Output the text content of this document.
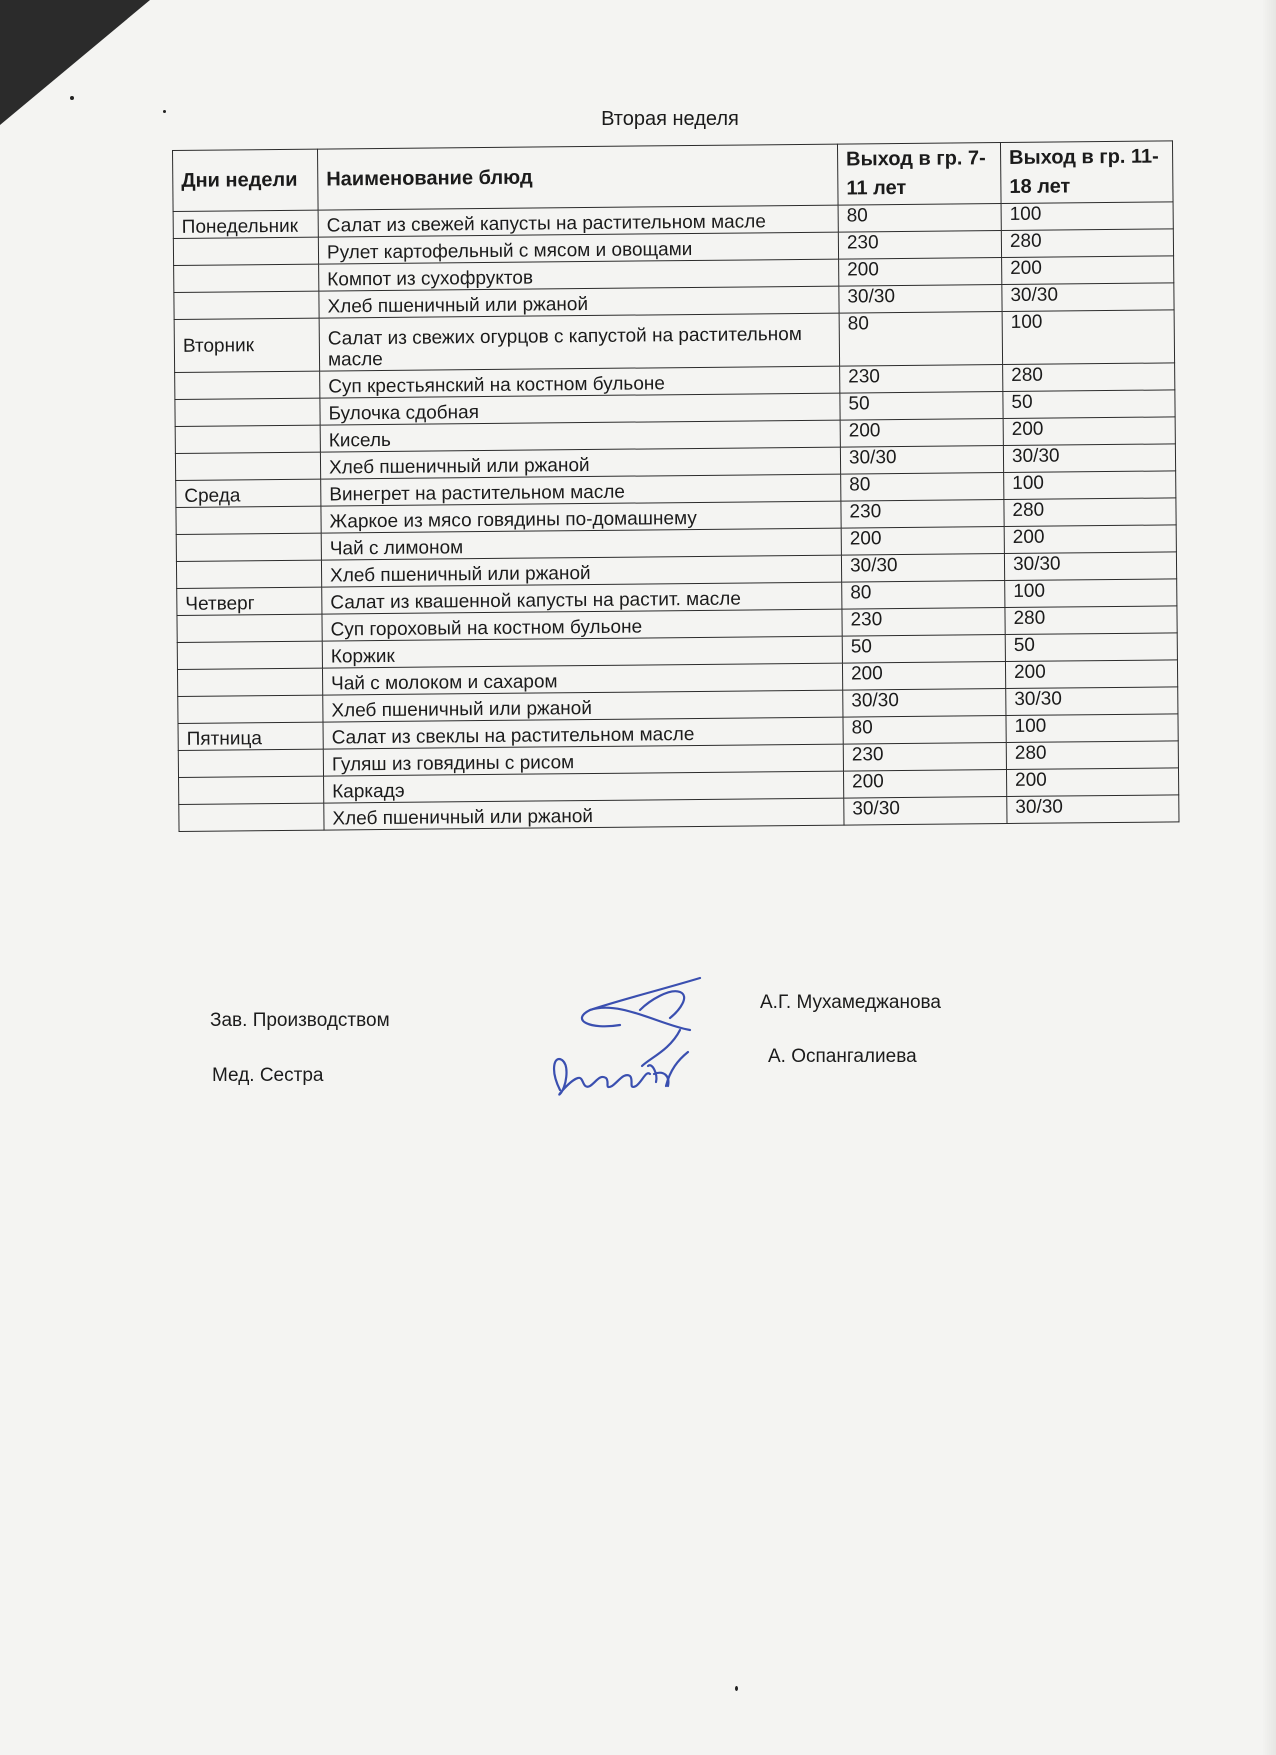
Вторая неделя
Дни недели	Наименование блюд	Выход в гр. 7-11 лет	Выход в гр. 11-18 лет
Понедельник	Салат из свежей капусты на растительном масле	80	100
	Рулет картофельный с мясом и овощами	230	280
	Компот из сухофруктов	200	200
	Хлеб пшеничный или ржаной	30/30	30/30
Вторник	Салат из свежих огурцов с капустой на растительном масле	80	100
	Суп крестьянский на костном бульоне	230	280
	Булочка сдобная	50	50
	Кисель	200	200
	Хлеб пшеничный или ржаной	30/30	30/30
Среда	Винегрет на растительном масле	80	100
	Жаркое из мясо говядины по-домашнему	230	280
	Чай с лимоном	200	200
	Хлеб пшеничный или ржаной	30/30	30/30
Четверг	Салат из квашенной капусты на растит. масле	80	100
	Суп гороховый на костном бульоне	230	280
	Коржик	50	50
	Чай с молоком и сахаром	200	200
	Хлеб пшеничный или ржаной	30/30	30/30
Пятница	Салат из свеклы на растительном масле	80	100
	Гуляш из говядины с рисом	230	280
	Каркадэ	200	200
	Хлеб пшеничный или ржаной	30/30	30/30
Зав. Производством
Мед. Сестра
А.Г. Мухамеджанова
А. Оспангалиева
